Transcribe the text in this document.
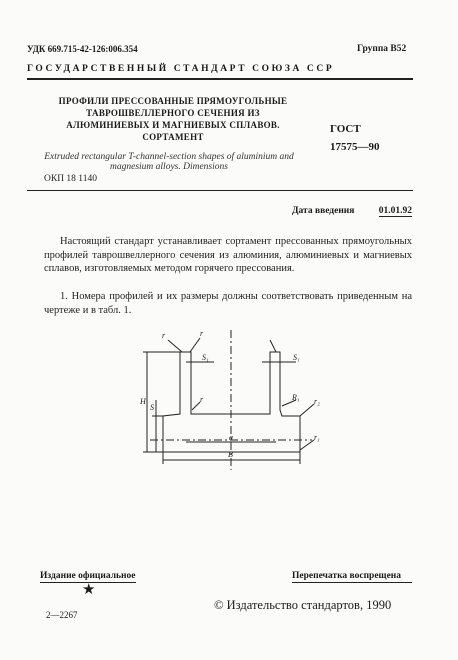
УДК 669.715-42-126:006.354	Группа В52
ГОСУДАРСТВЕННЫЙ СТАНДАРТ СОЮЗА ССР
ПРОФИЛИ ПРЕССОВАННЫЕ ПРЯМОУГОЛЬНЫЕ ТАВРОШВЕЛЛЕРНОГО СЕЧЕНИЯ ИЗ АЛЮМИНИЕВЫХ И МАГНИЕВЫХ СПЛАВОВ. СОРТАМЕНТ
ГОСТ
17575—90
Extruded rectangular T-channel-section shapes of aluminium and magnesium alloys. Dimensions
ОКП 18 1140
Дата введения	01.01.92
Настоящий стандарт устанавливает сортамент прессованных прямоугольных профилей таврошвеллерного сечения из алюминия, алюминиевых и магниевых сплавов, изготовляемых методом горячего прессования.
1. Номера профилей и их размеры должны соответствовать приведенным на чертеже и в табл. 1.
r	r
S₁	S₁
H
S
r	R₁ r₂
a
B
r₁
Издание официальное
★
Перепечатка воспрещена
2—2267
© Издательство стандартов, 1990
